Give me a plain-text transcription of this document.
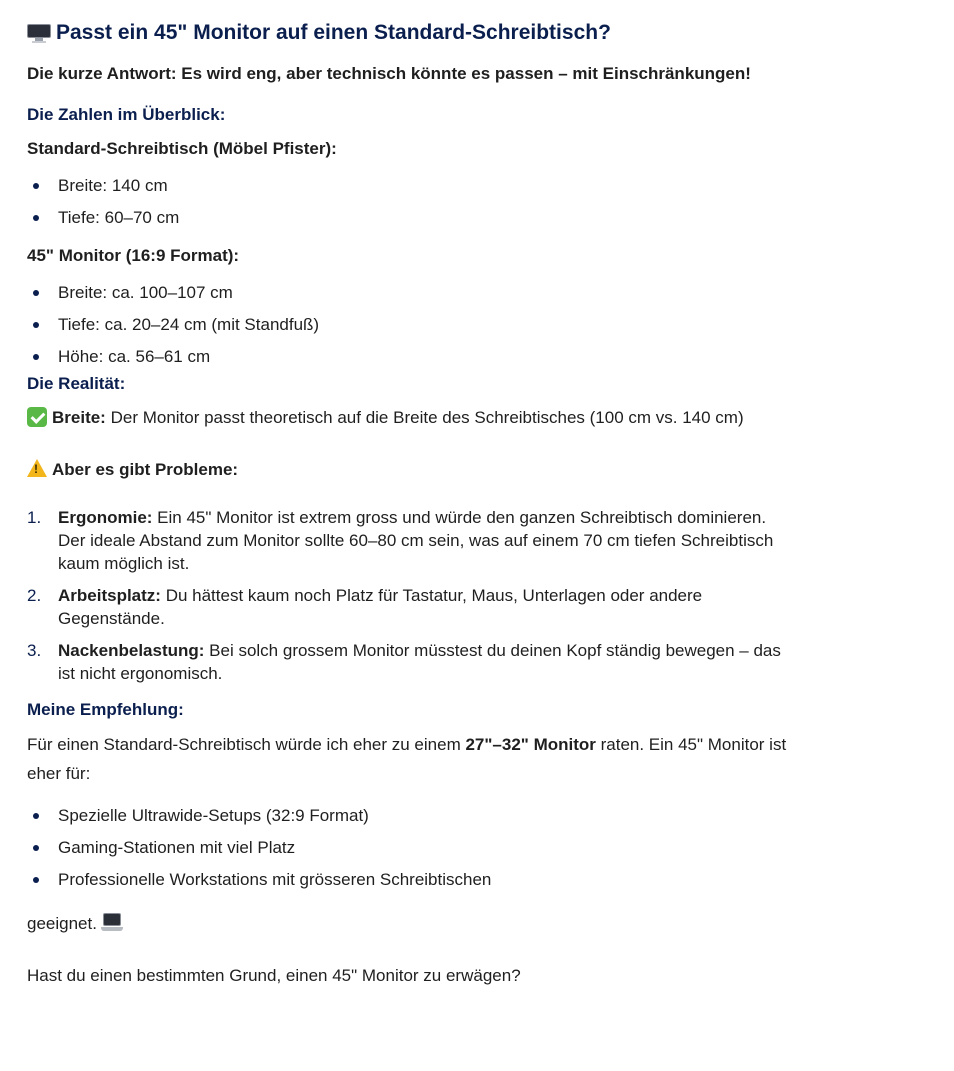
Passt ein 45" Monitor auf einen Standard-Schreibtisch?

Die kurze Antwort: Es wird eng, aber technisch könnte es passen – mit Einschränkungen!

Die Zahlen im Überblick:

Standard-Schreibtisch (Möbel Pfister):

Breite: 140 cm
Tiefe: 60–70 cm

45" Monitor (16:9 Format):

Breite: ca. 100–107 cm
Tiefe: ca. 20–24 cm (mit Standfuß)
Höhe: ca. 56–61 cm
Die Realität:

Breite: Der Monitor passt theoretisch auf die Breite des Schreibtisches (100 cm vs. 140 cm)

!Aber es gibt Probleme:

1. Ergonomie: Ein 45" Monitor ist extrem gross und würde den ganzen Schreibtisch dominieren. Der ideale Abstand zum Monitor sollte 60–80 cm sein, was auf einem 70 cm tiefen Schreibtisch kaum möglich ist.
2. Arbeitsplatz: Du hättest kaum noch Platz für Tastatur, Maus, Unterlagen oder andere Gegenstände.
3. Nackenbelastung: Bei solch grossem Monitor müsstest du deinen Kopf ständig bewegen – das ist nicht ergonomisch.
Meine Empfehlung:

Für einen Standard-Schreibtisch würde ich eher zu einem 27"–32" Monitor raten. Ein 45" Monitor ist eher für:

Spezielle Ultrawide-Setups (32:9 Format)
Gaming-Stationen mit viel Platz
Professionelle Workstations mit grösseren Schreibtischen

geeignet.

Hast du einen bestimmten Grund, einen 45" Monitor zu erwägen?
